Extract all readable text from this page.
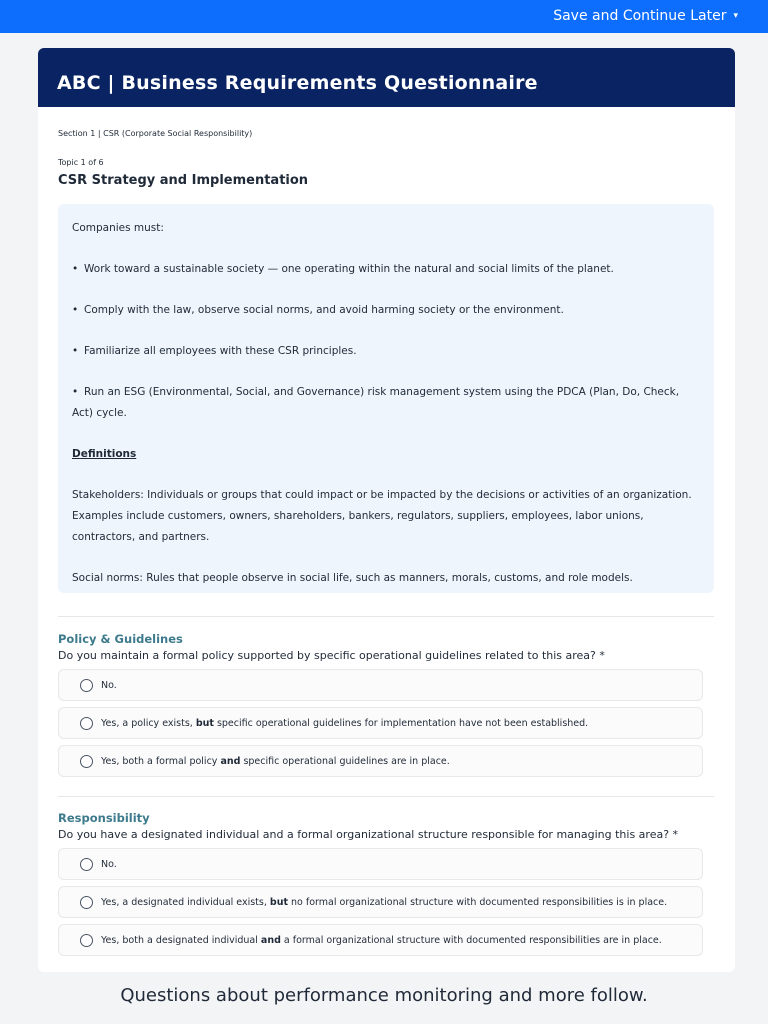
Save and Continue Later ▾
ABC | Business Requirements Questionnaire
Section 1 | CSR (Corporate Social Responsibility)
Topic 1 of 6
CSR Strategy and Implementation

Companies must:

• Work toward a sustainable society — one operating within the natural and social limits of the planet.

• Comply with the law, observe social norms, and avoid harming society or the environment.

• Familiarize all employees with these CSR principles.

• Run an ESG (Environmental, Social, and Governance) risk management system using the PDCA (Plan, Do, Check, Act) cycle.

Definitions

Stakeholders: Individuals or groups that could impact or be impacted by the decisions or activities of an organization. Examples include customers, owners, shareholders, bankers, regulators, suppliers, employees, labor unions, contractors, and partners.

Social norms: Rules that people observe in social life, such as manners, morals, customs, and role models.

Policy & Guidelines
Do you maintain a formal policy supported by specific operational guidelines related to this area? *
No.
Yes, a policy exists, but specific operational guidelines for implementation have not been established.
Yes, both a formal policy and specific operational guidelines are in place.
Responsibility
Do you have a designated individual and a formal organizational structure responsible for managing this area? *
No.
Yes, a designated individual exists, but no formal organizational structure with documented responsibilities is in place.
Yes, both a designated individual and a formal organizational structure with documented responsibilities are in place.
Questions about performance monitoring and more follow.
